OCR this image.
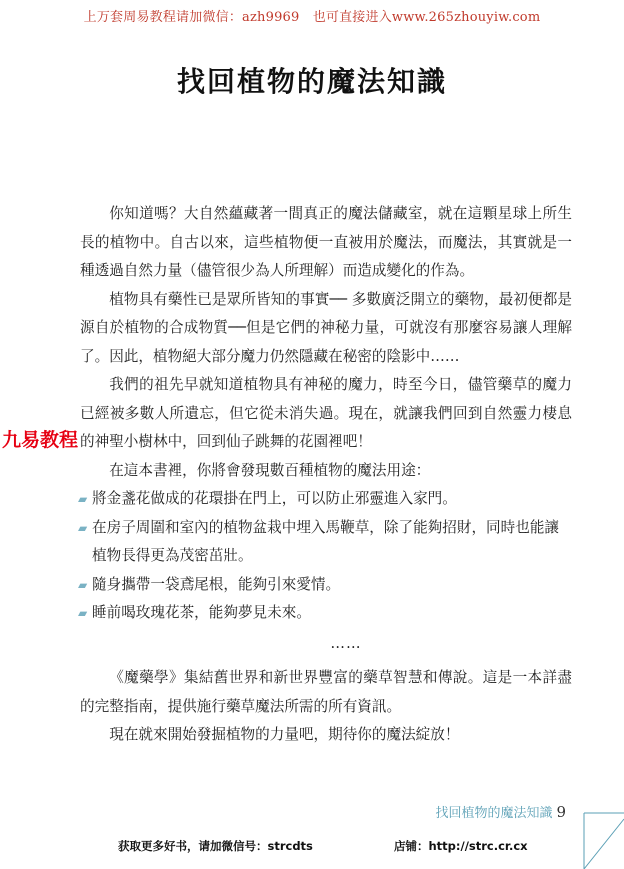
上万套周易教程请加微信：azh9969　也可直接进入www.265zhouyiw.com
找回植物的魔法知識

你知道嗎？大自然蘊藏著一間真正的魔法儲藏室，就在這顆星球上所生長的植物中。自古以來，這些植物便一直被用於魔法，而魔法，其實就是一種透過自然力量（儘管很少為人所理解）而造成變化的作為。

植物具有藥性已是眾所皆知的事實── 多數廣泛開立的藥物，最初便都是源自於植物的合成物質──但是它們的神秘力量，可就沒有那麼容易讓人理解了。因此，植物絕大部分魔力仍然隱藏在秘密的陰影中……

我們的祖先早就知道植物具有神秘的魔力，時至今日，儘管藥草的魔力已經被多數人所遺忘，但它從未消失過。現在，就讓我們回到自然靈力棲息的神聖小樹林中，回到仙子跳舞的花園裡吧！

在這本書裡，你將會發現數百種植物的魔法用途：

▰ 將金盞花做成的花環掛在門上，可以防止邪靈進入家門。
▰ 在房子周圍和室內的植物盆栽中埋入馬鞭草，除了能夠招財，同時也能讓植物長得更為茂密茁壯。
▰ 隨身攜帶一袋鳶尾根，能夠引來愛情。
▰ 睡前喝玫瑰花茶，能夠夢見未來。
……

《魔藥學》集結舊世界和新世界豐富的藥草智慧和傳說。這是一本詳盡的完整指南，提供施行藥草魔法所需的所有資訊。

現在就來開始發掘植物的力量吧，期待你的魔法綻放！

九易教程
找回植物的魔法知識 9
获取更多好书，请加微信号：strcdts	店铺：http://strc.cr.cx
